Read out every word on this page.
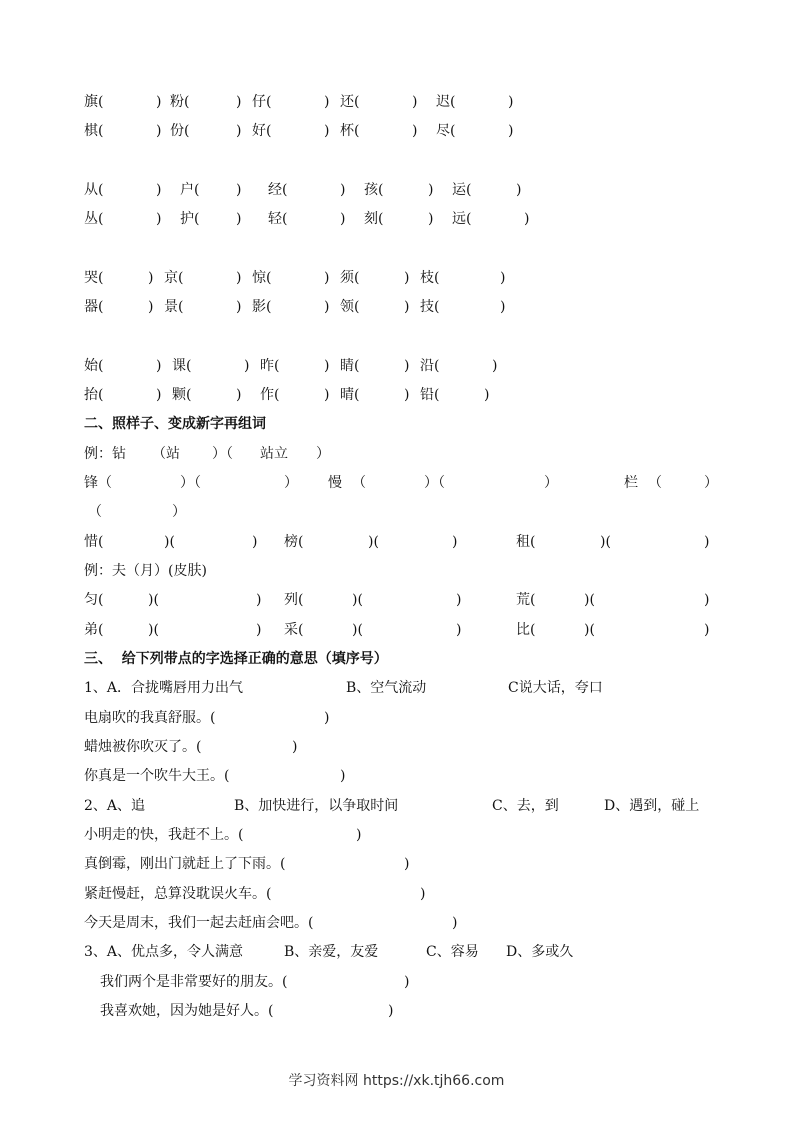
旗(	) 粉(	) 仔(	) 还(	) 迟(	)
棋(	) 份(	) 好(	) 杯(	) 尽(	)
从(	) 户(	) 经(	) 孩(	) 运(	)
丛(	) 护(	) 轻(	) 刻(	) 远(	)
哭(	) 京(	) 惊(	) 须(	) 枝(	)
器(	) 景(	) 影(	) 领(	) 技(	)
始(	) 课(	) 昨(	) 睛(	) 沿(	)
抬(	) 颗(	) 作(	) 晴(	) 铅(	)
二、照样子、变成新字再组词
例：钻 （站 ）（ 站立 ）
锋（	）（	） 慢 （	）（	）	栏 （	）
（	）
惜(	)(	) 榜(	)(	)	租(	)(	)
例：夫（月）(皮肤)
匀(	)(	) 列(	)(	)	荒(	)(	)
弟(	)(	) 采(	)(	)	比(	)(	)
三、  给下列带点的字选择正确的意思（填序号）
1、A．合拢嘴唇用力出气	B、空气流动	C说大话，夸口
电扇吹的我真舒服。(	)
蜡烛被你吹灭了。(	)
你真是一个吹牛大王。(	)
2、A、追	B、加快进行，以争取时间	C、去，到	D、遇到，碰上
小明走的快，我赶不上。(	)
真倒霉，刚出门就赶上了下雨。(	)
紧赶慢赶，总算没耽误火车。(	)
今天是周末，我们一起去赶庙会吧。(	)
3、A、优点多，令人满意	B、亲爱，友爱	C、容易 D、多或久
我们两个是非常要好的朋友。(	)
我喜欢她，因为她是好人。(	)
学习资料网 https://xk.tjh66.com
